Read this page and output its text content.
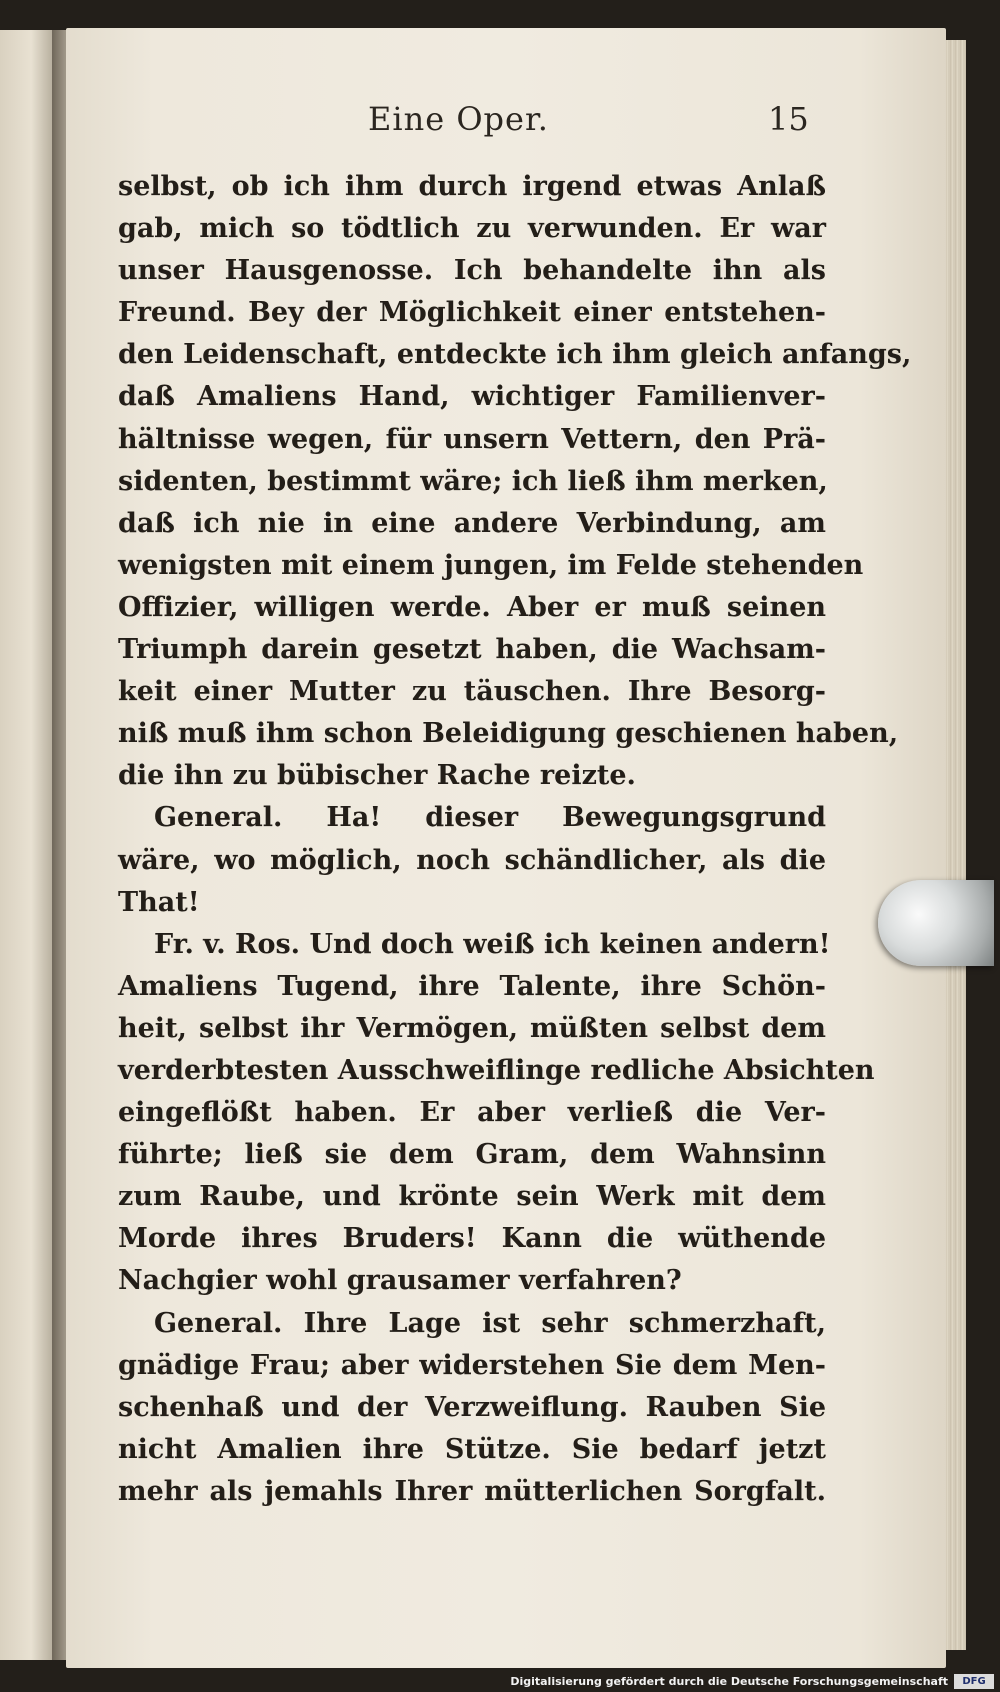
Eine Oper.	15
selbst, ob ich ihm durch irgend etwas Anlaß
gab, mich so tödtlich zu verwunden. Er war
unser Hausgenosse. Ich behandelte ihn als
Freund. Bey der Möglichkeit einer entstehen-
den Leidenschaft, entdeckte ich ihm gleich anfangs,
daß Amaliens Hand, wichtiger Familienver-
hältnisse wegen, für unsern Vettern, den Prä-
sidenten, bestimmt wäre; ich ließ ihm merken,
daß ich nie in eine andere Verbindung, am
wenigsten mit einem jungen, im Felde stehenden
Offizier, willigen werde. Aber er muß seinen
Triumph darein gesetzt haben, die Wachsam-
keit einer Mutter zu täuschen. Ihre Besorg-
niß muß ihm schon Beleidigung geschienen haben,
die ihn zu bübischer Rache reizte.
General. Ha! dieser Bewegungsgrund
wäre, wo möglich, noch schändlicher, als die
That!
Fr. v. Ros. Und doch weiß ich keinen andern!
Amaliens Tugend, ihre Talente, ihre Schön-
heit, selbst ihr Vermögen, müßten selbst dem
verderbtesten Ausschweiflinge redliche Absichten
eingeflößt haben. Er aber verließ die Ver-
führte; ließ sie dem Gram, dem Wahnsinn
zum Raube, und krönte sein Werk mit dem
Morde ihres Bruders! Kann die wüthende
Nachgier wohl grausamer verfahren?
General. Ihre Lage ist sehr schmerzhaft,
gnädige Frau; aber widerstehen Sie dem Men-
schenhaß und der Verzweiflung. Rauben Sie
nicht Amalien ihre Stütze. Sie bedarf jetzt
mehr als jemahls Ihrer mütterlichen Sorgfalt.
Digitalisierung gefördert durch die Deutsche Forschungsgemeinschaft	DFG
